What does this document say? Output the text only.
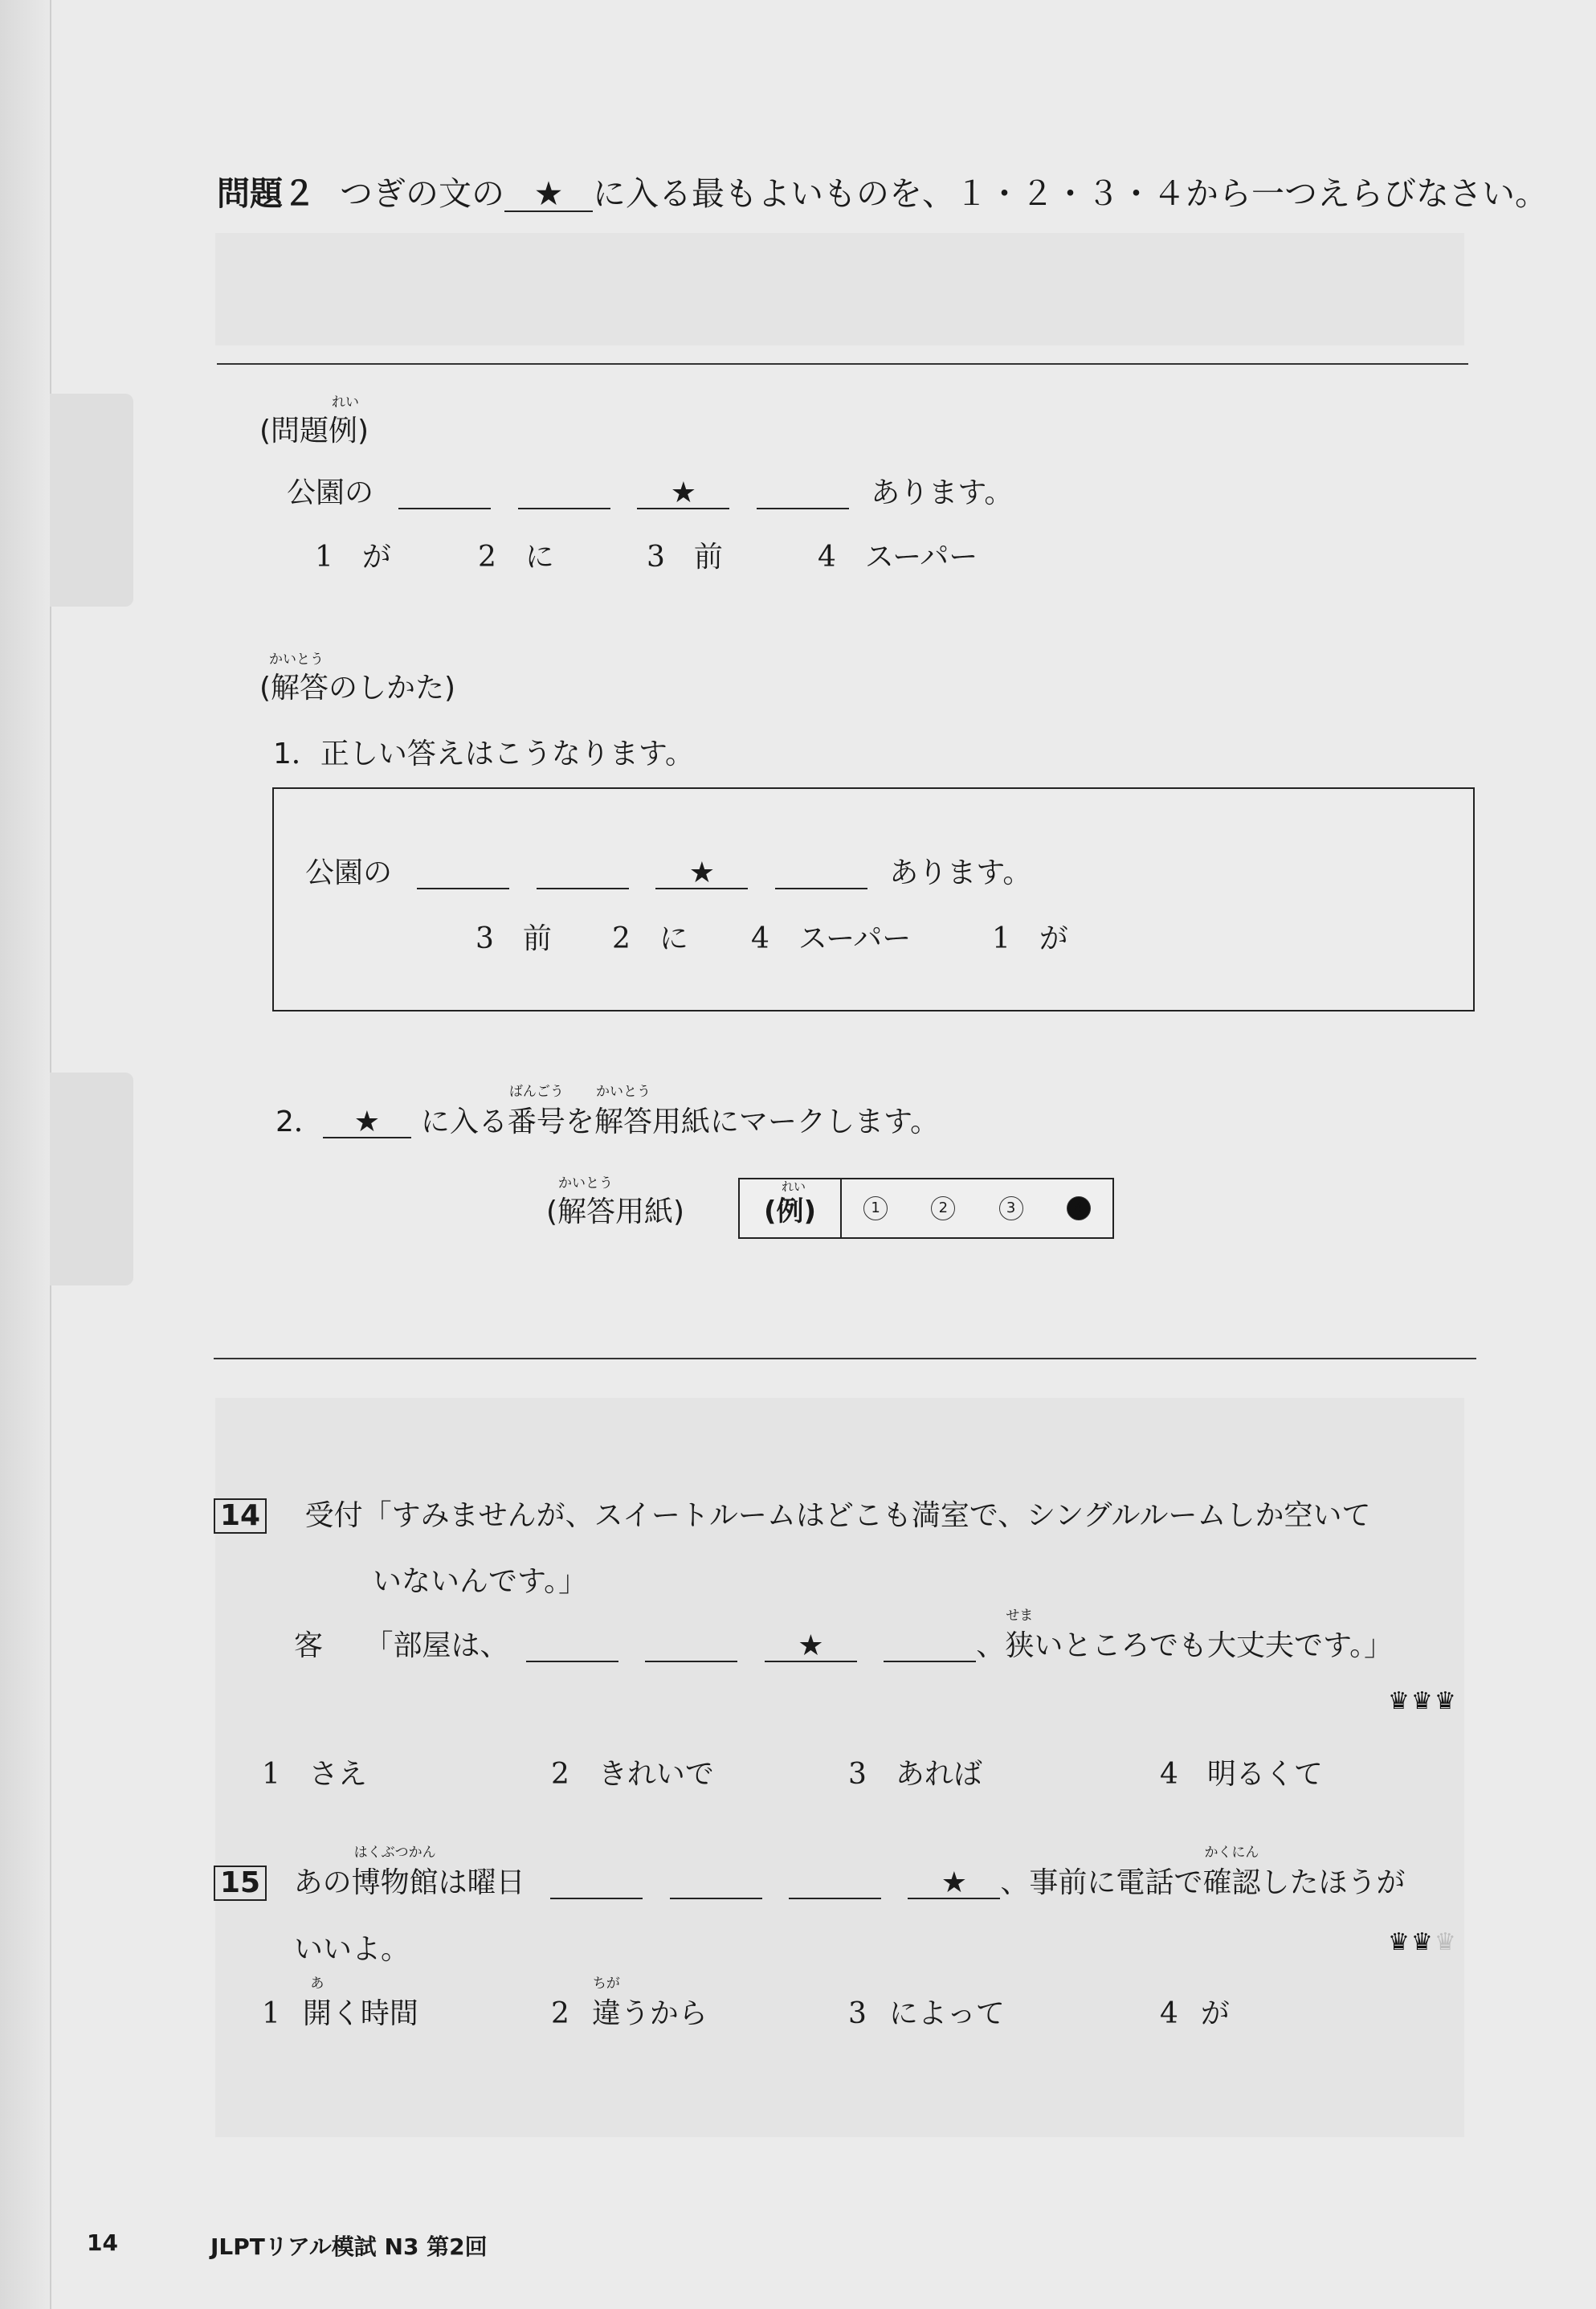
問題２ つぎの文の ★ に入る最もよいものを、１・２・３・４から一つえらびなさい。
(問題例)
れい
公園の	★	あります。
1　が	2　に	3　前	4　スーパー
(解答のしかた)
かいとう
1．正しい答えはこうなります。
公園の	★	あります。
3　前 2　に 4　スーパー	1　が
2． ★ に入る番号
ばんごう
を解答
かいとう
用紙にマークします。
(解答用紙)
かいとう
(例)
れい
1	2	3	4
14 受付「すみませんが、スイートルームはどこも満室で、シングルルームしか空いて
いないんです。」
客 「部屋は、	★	、狭
せま
いところでも大丈夫です。」
♛♛♛
1　さえ	2　きれいで	3　あれば	4　明るくて
15 あの博物館
はくぶつかん
は曜日	★ 、事前に電話で確認
かくにん
したほうが
いいよ。	♛♛♛
1 開
あ
く時間	2 違
ちが
うから	3 によって	4 が
14	JLPTリアル模試 N3 第2回
